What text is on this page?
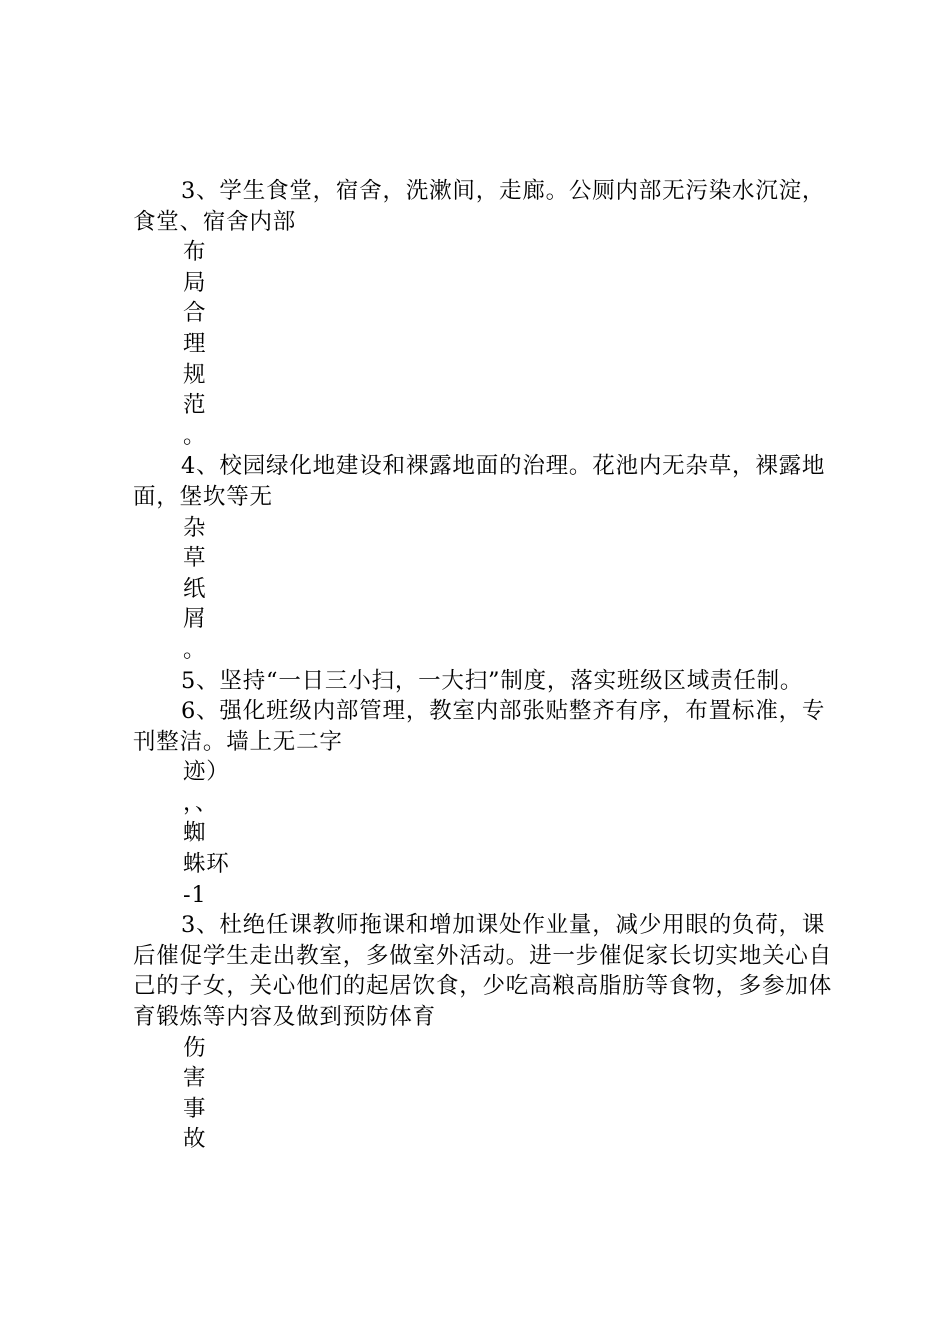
3、学生食堂，宿舍，洗漱间，走廊。公厕内部无污染水沉淀，食堂、宿舍内部

布
局
合
理
规
范
。

4、校园绿化地建设和裸露地面的治理。花池内无杂草，裸露地面，堡坎等无

杂
草
纸
屑
。

5、坚持“一日三小扫，一大扫”制度，落实班级区域责任制。

6、强化班级内部管理，教室内部张贴整齐有序，布置标准，专刊整洁。墙上无二字

迹）
，、
蜘
蛛环
-1

3、杜绝任课教师拖课和增加课处作业量，减少用眼的负荷，课后催促学生走出教室，多做室外活动。进一步催促家长切实地关心自己的子女，关心他们的起居饮食，少吃高粮高脂肪等食物，多参加体育锻炼等内容及做到预防体育

伤
害
事
故
